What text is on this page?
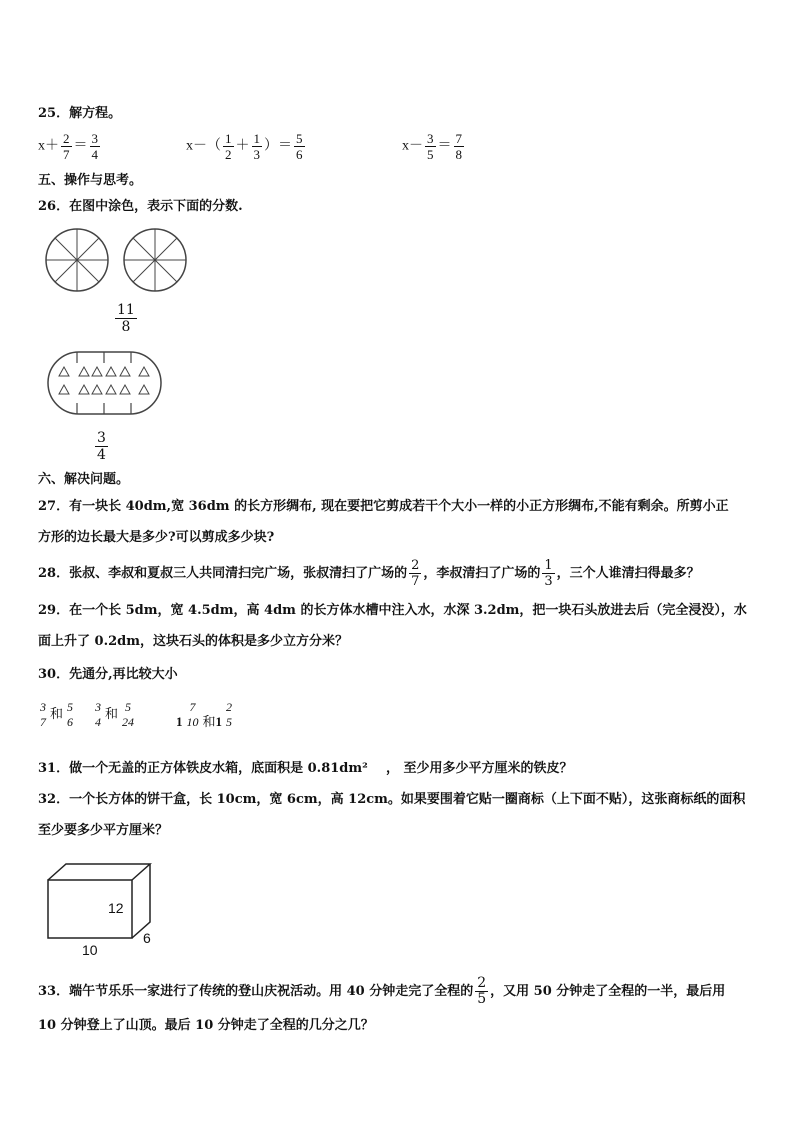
25．解方程。
$x+ \frac{2}{7} = \frac{3}{4}$	$x-( \frac{1}{2} + \frac{1}{3}$ ）＝ $\frac{5}{6}$	$x- \frac{3}{5} = \frac{7}{8}$
五、操作与思考。
26．在图中涂色，表示下面的分数.
$\frac{11}{8}$
$\frac{3}{4}$
六、解决问题。
27．有一块长 40dm,宽 36dm 的长方形绸布, 现在要把它剪成若干个大小一样的小正方形绸布,不能有剩余。所剪小正
方形的边长最大是多少?可以剪成多少块?
28．张叔、李叔和夏叔三人共同清扫完广场，张叔清扫了广场的 $\frac{2}{7}$ ，李叔清扫了广场的 $\frac{1}{3}$ ，三个人谁清扫得最多？
29．在一个长 5dm，宽 4.5dm，高 4dm 的长方体水槽中注入水，水深 3.2dm，把一块石头放进去后（完全浸没），水
面上升了 0.2dm，这块石头的体积是多少立方分米？
30．先通分,再比较大小
3
7
和 5
6
3
4
和 5
24	1
7
10 和1
2
5
31．做一个无盖的正方体铁皮水箱，底面积是 0.81dm² ， 至少用多少平方厘米的铁皮？
32．一个长方体的饼干盒，长 10cm，宽 6cm，高 12cm。如果要围着它贴一圈商标（上下面不贴），这张商标纸的面积
至少要多少平方厘米？
12
10
6
33．端午节乐乐一家进行了传统的登山庆祝活动。用 40 分钟走完了全程的 $\frac{2}{5}$ ，又用 50 分钟走了全程的一半，最后用
10 分钟登上了山顶。最后 10 分钟走了全程的几分之几？
